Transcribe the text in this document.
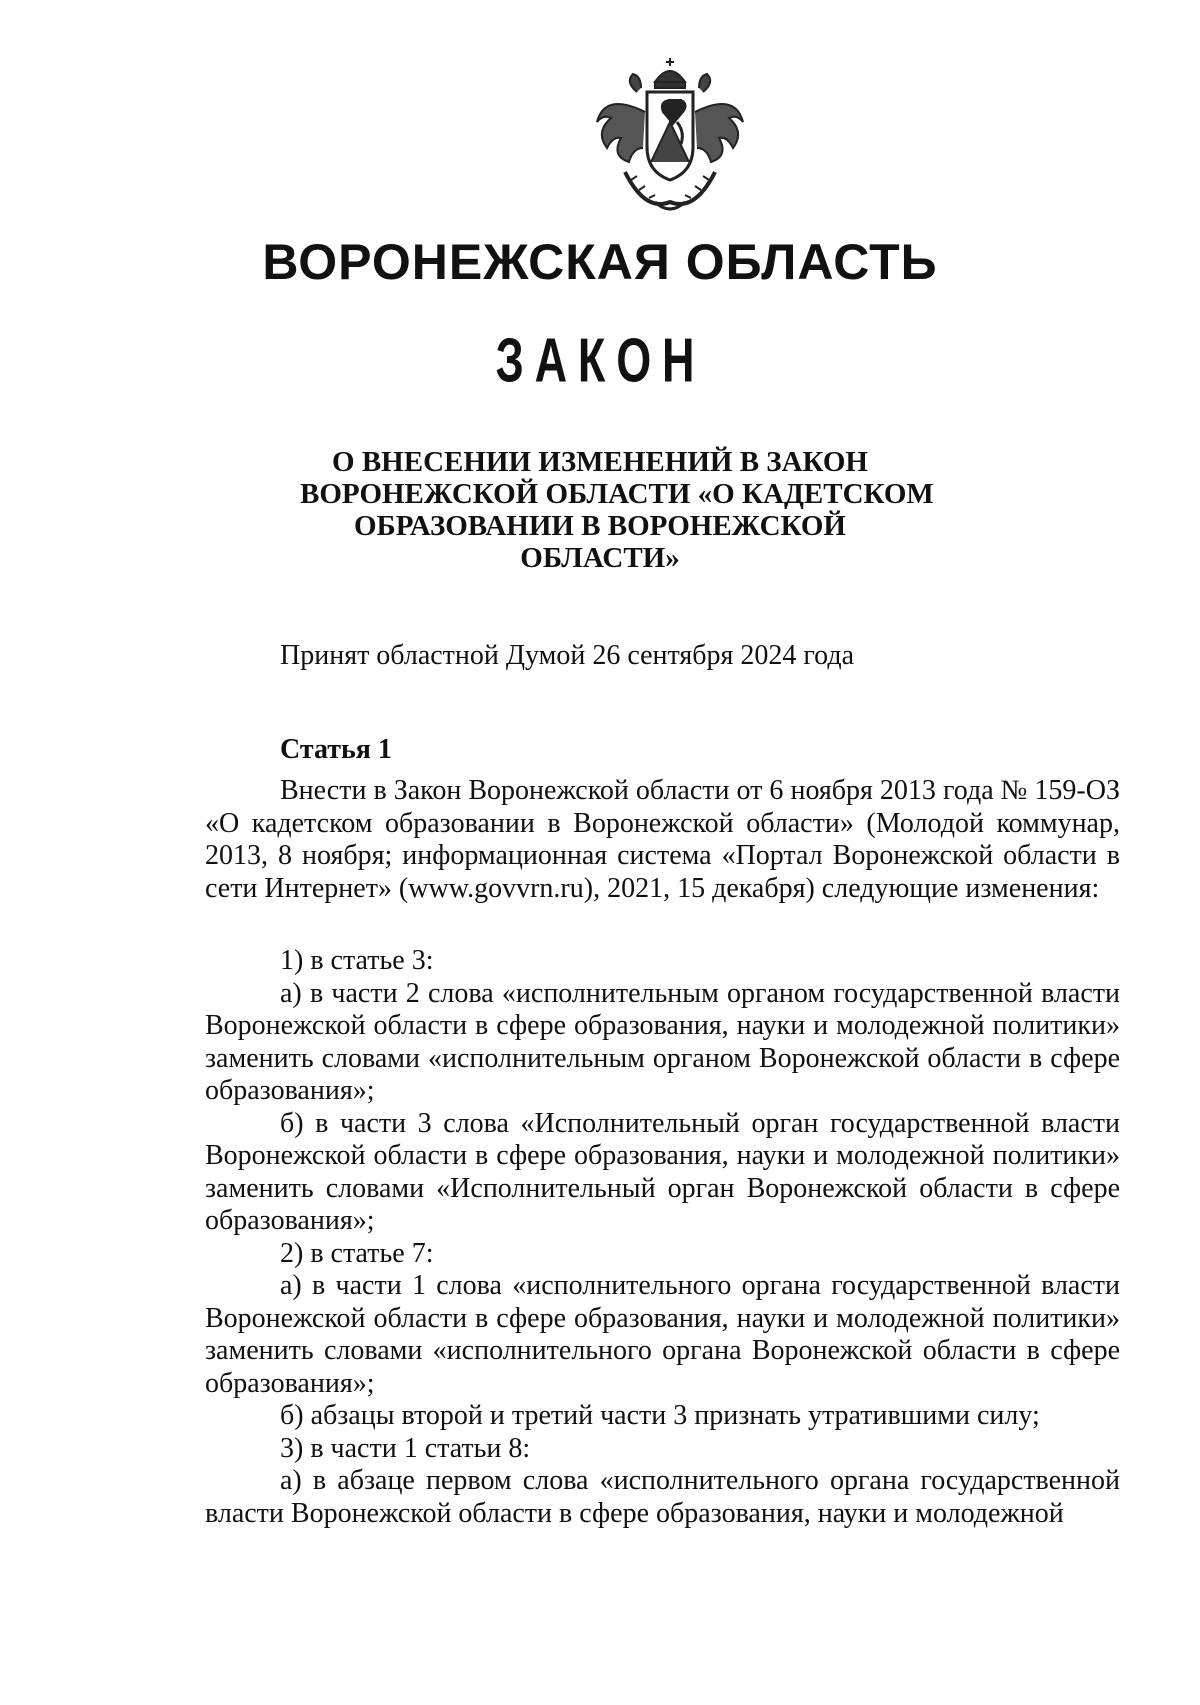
ВОРОНЕЖСКАЯ ОБЛАСТЬ
ЗАКОН
О ВНЕСЕНИИ ИЗМЕНЕНИЙ В ЗАКОН
ВОРОНЕЖСКОЙ ОБЛАСТИ «О КАДЕТСКОМ
ОБРАЗОВАНИИ В ВОРОНЕЖСКОЙ
ОБЛАСТИ»
Принят областной Думой 26 сентября 2024 года
Статья 1

Внести в Закон Воронежской области от 6 ноября 2013 года № 159-ОЗ «О кадетском образовании в Воронежской области» (Молодой коммунар, 2013, 8 ноября; информационная система «Портал Воронежской области в сети Интернет» (www.govvrn.ru), 2021, 15 декабря) следующие изменения:

1) в статье 3:

а) в части 2 слова «исполнительным органом государственной власти Воронежской области в сфере образования, науки и молодежной политики» заменить словами «исполнительным органом Воронежской области в сфере образования»;

б) в части 3 слова «Исполнительный орган государственной власти Воронежской области в сфере образования, науки и молодежной политики» заменить словами «Исполнительный орган Воронежской области в сфере образования»;

2) в статье 7:

а) в части 1 слова «исполнительного органа государственной власти Воронежской области в сфере образования, науки и молодежной политики» заменить словами «исполнительного органа Воронежской области в сфере образования»;

б) абзацы второй и третий части 3 признать утратившими силу;

3) в части 1 статьи 8:

а) в абзаце первом слова «исполнительного органа государственной власти Воронежской области в сфере образования, науки и молодежной
